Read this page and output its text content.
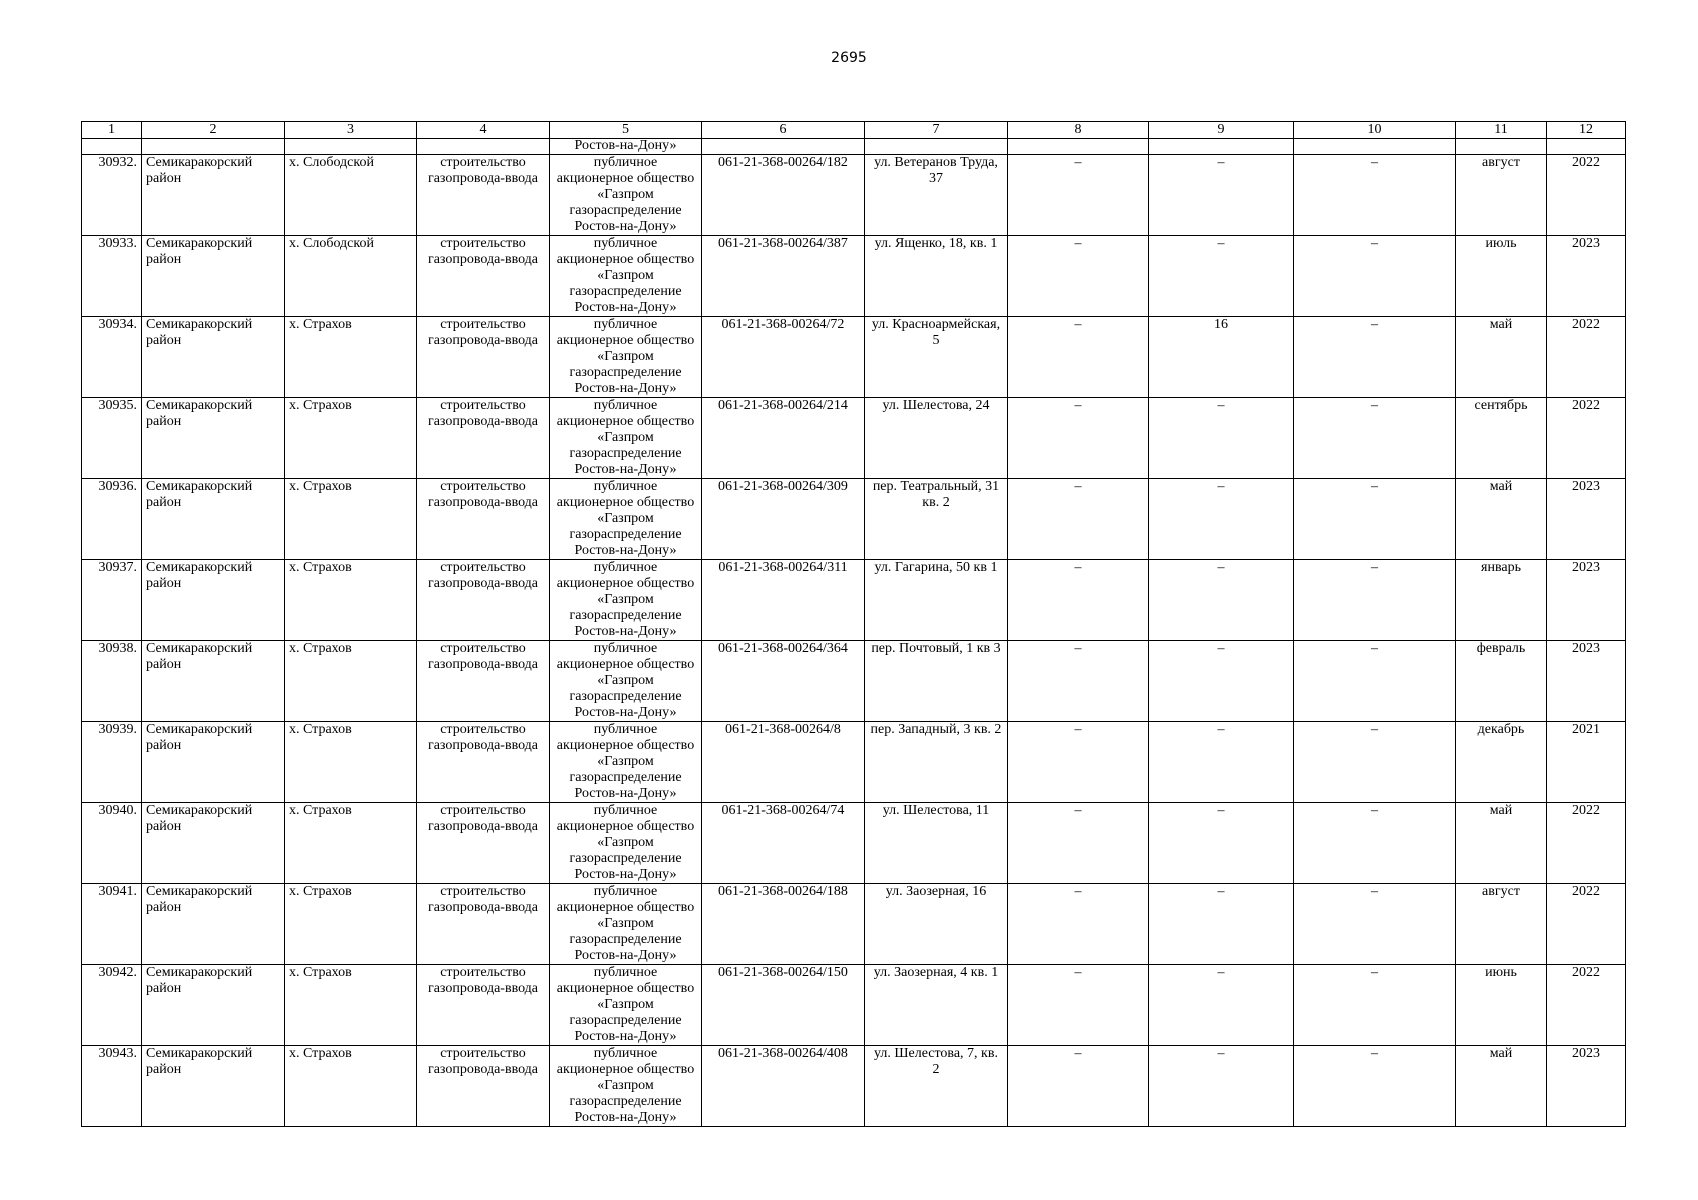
2695
1	2	3	4	5	6	7	8	9	10	11	12
				Ростов-на-Дону»							
30932.	Семикаракорский район	х. Слободской	строительство газопровода-ввода	публичное акционерное общество «Газпром газораспределение Ростов-на-Дону»	061-21-368-00264/182	ул. Ветеранов Труда, 37	–	–	–	август	2022
30933.	Семикаракорский район	х. Слободской	строительство газопровода-ввода	публичное акционерное общество «Газпром газораспределение Ростов-на-Дону»	061-21-368-00264/387	ул. Ященко, 18, кв. 1	–	–	–	июль	2023
30934.	Семикаракорский район	х. Страхов	строительство газопровода-ввода	публичное акционерное общество «Газпром газораспределение Ростов-на-Дону»	061-21-368-00264/72	ул. Красноармейская, 5	–	16	–	май	2022
30935.	Семикаракорский район	х. Страхов	строительство газопровода-ввода	публичное акционерное общество «Газпром газораспределение Ростов-на-Дону»	061-21-368-00264/214	ул. Шелестова, 24	–	–	–	сентябрь	2022
30936.	Семикаракорский район	х. Страхов	строительство газопровода-ввода	публичное акционерное общество «Газпром газораспределение Ростов-на-Дону»	061-21-368-00264/309	пер. Театральный, 31 кв. 2	–	–	–	май	2023
30937.	Семикаракорский район	х. Страхов	строительство газопровода-ввода	публичное акционерное общество «Газпром газораспределение Ростов-на-Дону»	061-21-368-00264/311	ул. Гагарина, 50 кв 1	–	–	–	январь	2023
30938.	Семикаракорский район	х. Страхов	строительство газопровода-ввода	публичное акционерное общество «Газпром газораспределение Ростов-на-Дону»	061-21-368-00264/364	пер. Почтовый, 1 кв 3	–	–	–	февраль	2023
30939.	Семикаракорский район	х. Страхов	строительство газопровода-ввода	публичное акционерное общество «Газпром газораспределение Ростов-на-Дону»	061-21-368-00264/8	пер. Западный, 3 кв. 2	–	–	–	декабрь	2021
30940.	Семикаракорский район	х. Страхов	строительство газопровода-ввода	публичное акционерное общество «Газпром газораспределение Ростов-на-Дону»	061-21-368-00264/74	ул. Шелестова, 11	–	–	–	май	2022
30941.	Семикаракорский район	х. Страхов	строительство газопровода-ввода	публичное акционерное общество «Газпром газораспределение Ростов-на-Дону»	061-21-368-00264/188	ул. Заозерная, 16	–	–	–	август	2022
30942.	Семикаракорский район	х. Страхов	строительство газопровода-ввода	публичное акционерное общество «Газпром газораспределение Ростов-на-Дону»	061-21-368-00264/150	ул. Заозерная, 4 кв. 1	–	–	–	июнь	2022
30943.	Семикаракорский район	х. Страхов	строительство газопровода-ввода	публичное акционерное общество «Газпром газораспределение Ростов-на-Дону»	061-21-368-00264/408	ул. Шелестова, 7, кв. 2	–	–	–	май	2023
